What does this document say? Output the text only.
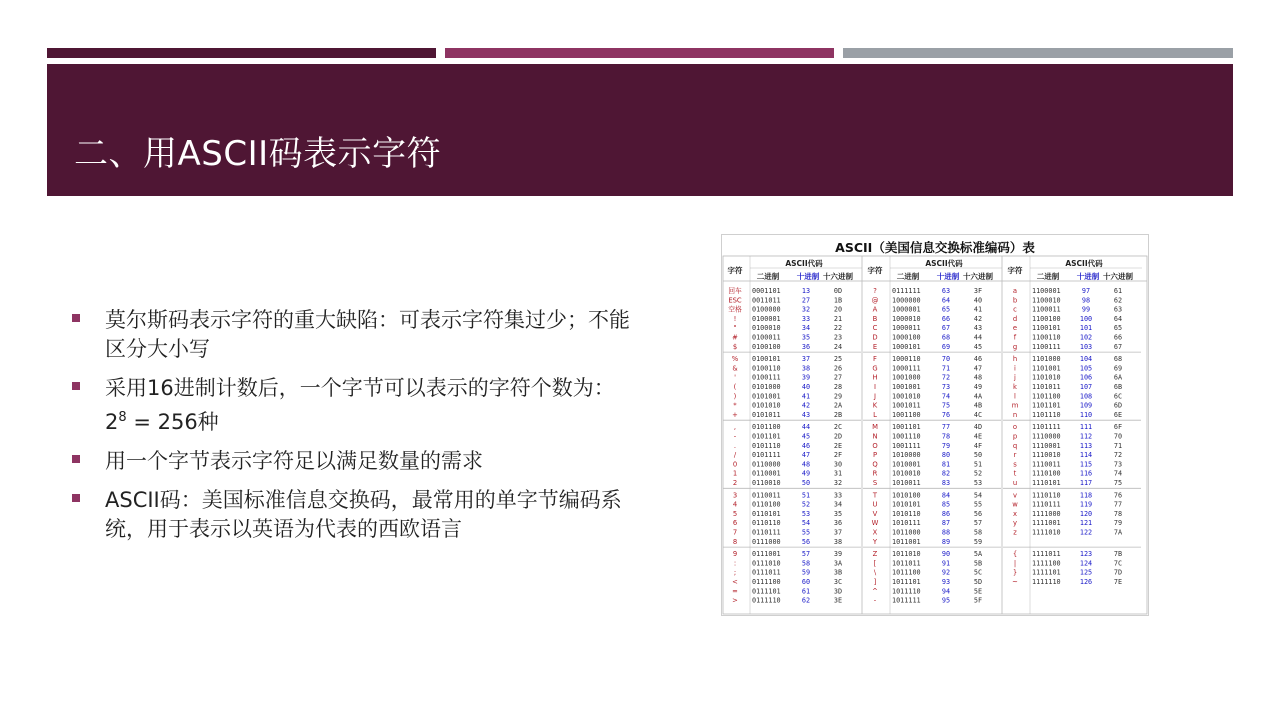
二、用ASCII码表示字符
莫尔斯码表示字符的重大缺陷：可表示字符集过少；不能区分大小写
采用16进制计数后，一个字节可以表示的字符个数为：$2^8 = 256$种
用一个字节表示字符足以满足数量的需求
ASCII码：美国标准信息交换码，最常用的单字节编码系统，用于表示以英语为代表的西欧语言
字符
ASCII代码
二进制 十进制 十六进制
回车 0001101	13	0D
ESC 0011011	27	1B
空格 0100000	32	20
! 0100001	33	21
" 0100010	34	22
# 0100011	35	23
$ 0100100	36	24
% 0100101	37	25
& 0100110	38	26
' 0100111	39	27
( 0101000	40	28
) 0101001	41	29
* 0101010	42	2A
+ 0101011	43	2B
, 0101100	44	2C
- 0101101	45	2D
. 0101110	46	2E
/ 0101111	47	2F
0 0110000	48	30
1 0110001	49	31
2 0110010	50	32
3 0110011	51	33
4 0110100	52	34
5 0110101	53	35
6 0110110	54	36
7 0110111	55	37
8 0111000	56	38
9 0111001	57	39
: 0111010	58	3A
; 0111011	59	3B
< 0111100	60	3C
= 0111101	61	3D
> 0111110	62	3E
字符
ASCII代码
二进制 十进制 十六进制
? 0111111	63	3F
@ 1000000	64	40
A 1000001	65	41
B 1000010	66	42
C 1000011	67	43
D 1000100	68	44
E 1000101	69	45
F 1000110	70	46
G 1000111	71	47
H 1001000	72	48
I 1001001	73	49
J 1001010	74	4A
K 1001011	75	4B
L 1001100	76	4C
M 1001101	77	4D
N 1001110	78	4E
O 1001111	79	4F
P 1010000	80	50
Q 1010001	81	51
R 1010010	82	52
S 1010011	83	53
T 1010100	84	54
U 1010101	85	55
V 1010110	86	56
W 1010111	87	57
X 1011000	88	58
Y 1011001	89	59
Z 1011010	90	5A
[ 1011011	91	5B
\ 1011100	92	5C
] 1011101	93	5D
^ 1011110	94	5E
- 1011111	95	5F
字符
ASCII代码
二进制 十进制 十六进制
a 1100001	97	61
b 1100010	98	62
c 1100011	99	63
d 1100100	100	64
e 1100101	101	65
f 1100110	102	66
g 1100111	103	67
h 1101000	104	68
i 1101001	105	69
j 1101010	106	6A
k 1101011	107	6B
l 1101100	108	6C
m 1101101	109	6D
n 1101110	110	6E
o 1101111	111	6F
p 1110000	112	70
q 1110001	113	71
r 1110010	114	72
s 1110011	115	73
t 1110100	116	74
u 1110101	117	75
v 1110110	118	76
w 1110111	119	77
x 1111000	120	78
y 1111001	121	79
z 1111010	122	7A
{ 1111011	123	7B
| 1111100	124	7C
} 1111101	125	7D
~ 1111110	126	7E
ASCII（美国信息交换标准编码）表
